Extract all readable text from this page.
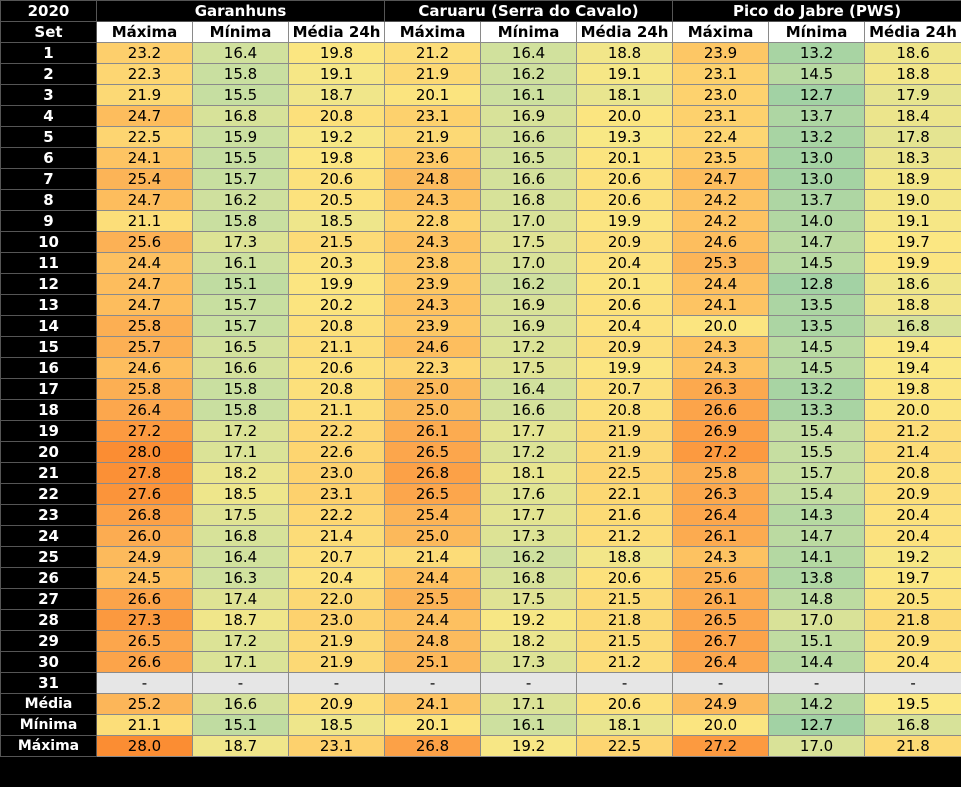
2020	Garanhuns			Caruaru (Serra do Cavalo)			Pico do Jabre (PWS)		
Set	Máxima	Mínima	Média 24h	Máxima	Mínima	Média 24h	Máxima	Mínima	Média 24h
1	23.2	16.4	19.8	21.2	16.4	18.8	23.9	13.2	18.6
2	22.3	15.8	19.1	21.9	16.2	19.1	23.1	14.5	18.8
3	21.9	15.5	18.7	20.1	16.1	18.1	23.0	12.7	17.9
4	24.7	16.8	20.8	23.1	16.9	20.0	23.1	13.7	18.4
5	22.5	15.9	19.2	21.9	16.6	19.3	22.4	13.2	17.8
6	24.1	15.5	19.8	23.6	16.5	20.1	23.5	13.0	18.3
7	25.4	15.7	20.6	24.8	16.6	20.6	24.7	13.0	18.9
8	24.7	16.2	20.5	24.3	16.8	20.6	24.2	13.7	19.0
9	21.1	15.8	18.5	22.8	17.0	19.9	24.2	14.0	19.1
10	25.6	17.3	21.5	24.3	17.5	20.9	24.6	14.7	19.7
11	24.4	16.1	20.3	23.8	17.0	20.4	25.3	14.5	19.9
12	24.7	15.1	19.9	23.9	16.2	20.1	24.4	12.8	18.6
13	24.7	15.7	20.2	24.3	16.9	20.6	24.1	13.5	18.8
14	25.8	15.7	20.8	23.9	16.9	20.4	20.0	13.5	16.8
15	25.7	16.5	21.1	24.6	17.2	20.9	24.3	14.5	19.4
16	24.6	16.6	20.6	22.3	17.5	19.9	24.3	14.5	19.4
17	25.8	15.8	20.8	25.0	16.4	20.7	26.3	13.2	19.8
18	26.4	15.8	21.1	25.0	16.6	20.8	26.6	13.3	20.0
19	27.2	17.2	22.2	26.1	17.7	21.9	26.9	15.4	21.2
20	28.0	17.1	22.6	26.5	17.2	21.9	27.2	15.5	21.4
21	27.8	18.2	23.0	26.8	18.1	22.5	25.8	15.7	20.8
22	27.6	18.5	23.1	26.5	17.6	22.1	26.3	15.4	20.9
23	26.8	17.5	22.2	25.4	17.7	21.6	26.4	14.3	20.4
24	26.0	16.8	21.4	25.0	17.3	21.2	26.1	14.7	20.4
25	24.9	16.4	20.7	21.4	16.2	18.8	24.3	14.1	19.2
26	24.5	16.3	20.4	24.4	16.8	20.6	25.6	13.8	19.7
27	26.6	17.4	22.0	25.5	17.5	21.5	26.1	14.8	20.5
28	27.3	18.7	23.0	24.4	19.2	21.8	26.5	17.0	21.8
29	26.5	17.2	21.9	24.8	18.2	21.5	26.7	15.1	20.9
30	26.6	17.1	21.9	25.1	17.3	21.2	26.4	14.4	20.4
31	-	-	-	-	-	-	-	-	-
Média	25.2	16.6	20.9	24.1	17.1	20.6	24.9	14.2	19.5
Mínima	21.1	15.1	18.5	20.1	16.1	18.1	20.0	12.7	16.8
Máxima	28.0	18.7	23.1	26.8	19.2	22.5	27.2	17.0	21.8
